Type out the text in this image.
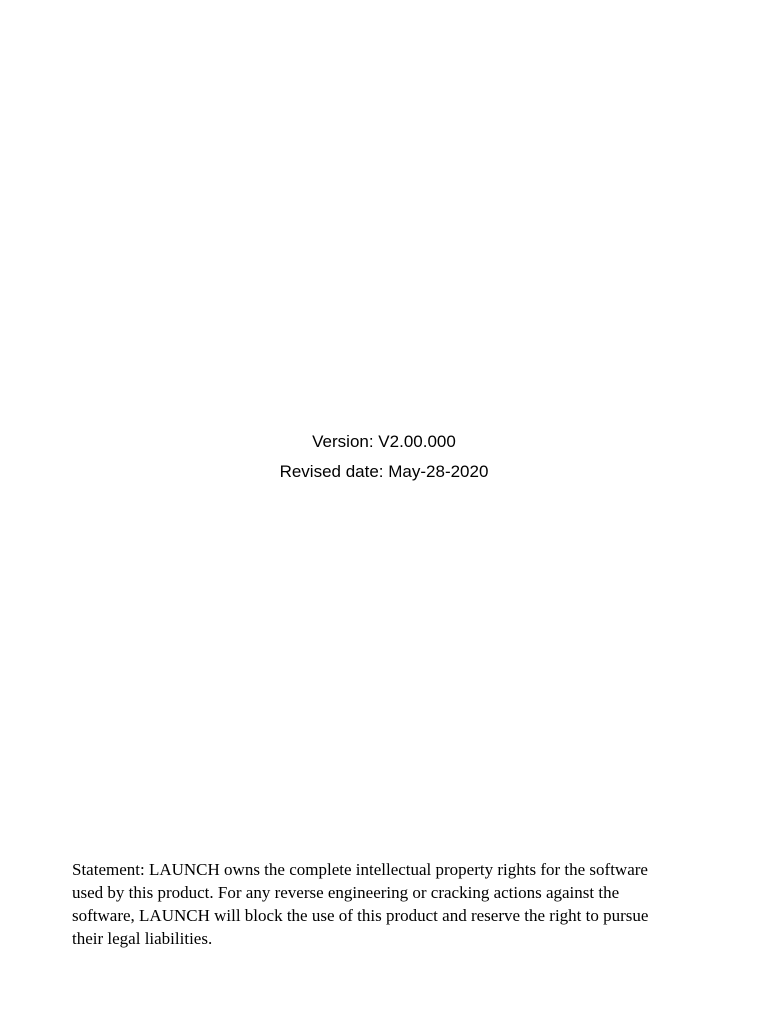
Version: V2.00.000
Revised date: May-28-2020

Statement: LAUNCH owns the complete intellectual property rights for the software
used by this product. For any reverse engineering or cracking actions against the
software, LAUNCH will block the use of this product and reserve the right to pursue
their legal liabilities.
